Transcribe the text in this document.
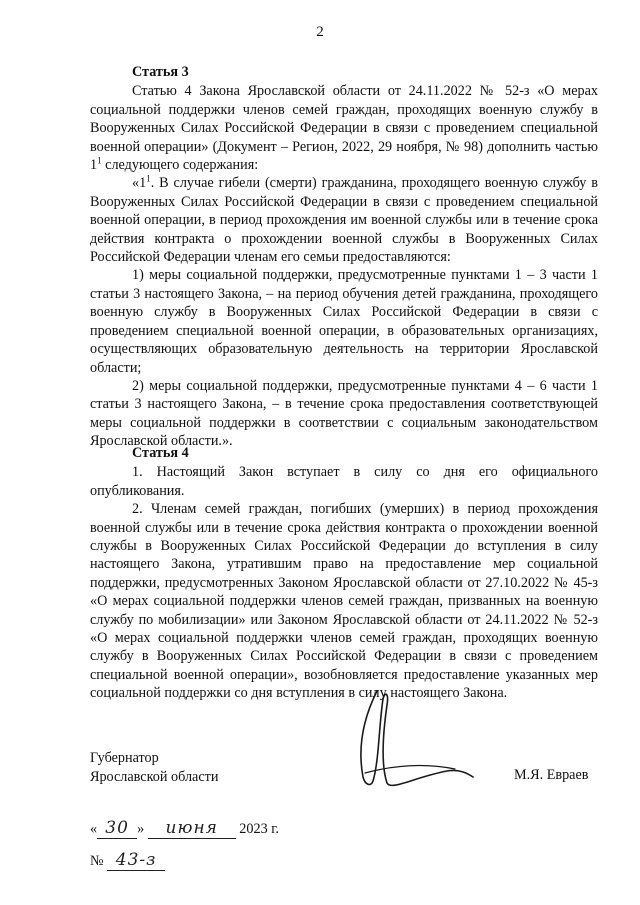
2

Статья 3

Статью 4 Закона Ярославской области от 24.11.2022 № 52-з «О мерах социальной поддержки членов семей граждан, проходящих военную службу в Вооруженных Силах Российской Федерации в связи с проведением специальной военной операции» (Документ – Регион, 2022, 29 ноября, № 98) дополнить частью $1^1$ следующего содержания:

«$1^1$. В случае гибели (смерти) гражданина, проходящего военную службу в Вооруженных Силах Российской Федерации в связи с проведением специальной военной операции, в период прохождения им военной службы или в течение срока действия контракта о прохождении военной службы в Вооруженных Силах Российской Федерации членам его семьи предоставляются:

1) меры социальной поддержки, предусмотренные пунктами 1 – 3 части 1 статьи 3 настоящего Закона, – на период обучения детей гражданина, проходящего военную службу в Вооруженных Силах Российской Федерации в связи с проведением специальной военной операции, в образовательных организациях, осуществляющих образовательную деятельность на территории Ярославской области;

2) меры социальной поддержки, предусмотренные пунктами 4 – 6 части 1 статьи 3 настоящего Закона, – в течение срока предоставления соответствующей меры социальной поддержки в соответствии с социальным законодательством Ярославской области.».

Статья 4

1. Настоящий Закон вступает в силу со дня его официального опубликования.

2. Членам семей граждан, погибших (умерших) в период прохождения военной службы или в течение срока действия контракта о прохождении военной службы в Вооруженных Силах Российской Федерации до вступления в силу настоящего Закона, утратившим право на предоставление мер социальной поддержки, предусмотренных Законом Ярославской области от 27.10.2022 № 45-з «О мерах социальной поддержки членов семей граждан, призванных на военную службу по мобилизации» или Законом Ярославской области от 24.11.2022 № 52-з «О мерах социальной поддержки членов семей граждан, проходящих военную службу в Вооруженных Силах Российской Федерации в связи с проведением специальной военной операции», возобновляется предоставление указанных мер социальной поддержки со дня вступления в силу настоящего Закона.

Губернатор
Ярославской области	М.Я. Евраев
« 30 » июня 2023 г.
№ 43-з
